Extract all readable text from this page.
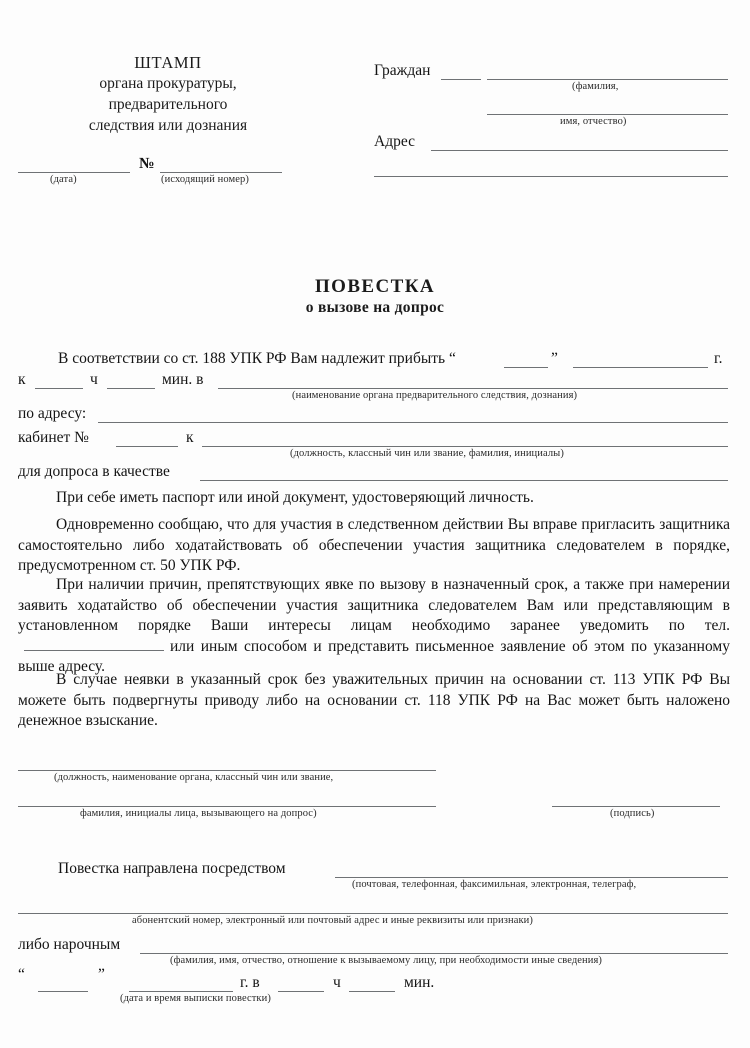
ШТАМП
органа прокуратуры,
предварительного
следствия или дознания
(дата)
№
(исходящий номер)
Граждан
(фамилия,
имя, отчество)
Адрес
ПОВЕСТКА
о вызове на допрос
В соответствии со ст. 188 УПК РФ Вам надлежит прибыть “	”	г.
к	ч	мин. в
(наименование органа предварительного следствия, дознания)
по адресу:
кабинет №	к
(должность, классный чин или звание, фамилия, инициалы)
для допроса в качестве
При себе иметь паспорт или иной документ, удостоверяющий личность.
Одновременно сообщаю, что для участия в следственном действии Вы вправе пригласить защитника самостоятельно либо ходатайствовать об обеспечении участия защитника следователем в порядке, предусмотренном ст. 50 УПК РФ.
При наличии причин, препятствующих явке по вызову в назначенный срок, а также при намерении заявить ходатайство об обеспечении участия защитника следователем Вам или представляющим в установленном порядке Ваши интересы лицам необходимо заранее уведомить по тел.или иным способом и представить письменное заявление об этом по указанному выше адресу.
В случае неявки в указанный срок без уважительных причин на основании ст. 113 УПК РФ Вы можете быть подвергнуты приводу либо на основании ст. 118 УПК РФ на Вас может быть наложено денежное взыскание.
(должность, наименование органа, классный чин или звание,
фамилия, инициалы лица, вызывающего на допрос)	(подпись)
Повестка направлена посредством
(почтовая, телефонная, факсимильная, электронная, телеграф,
абонентский номер, электронный или почтовый адрес и иные реквизиты или признаки)
либо нарочным
(фамилия, имя, отчество, отношение к вызываемому лицу, при необходимости иные сведения)
“	”	г. в	ч	мин.
(дата и время выписки повестки)
